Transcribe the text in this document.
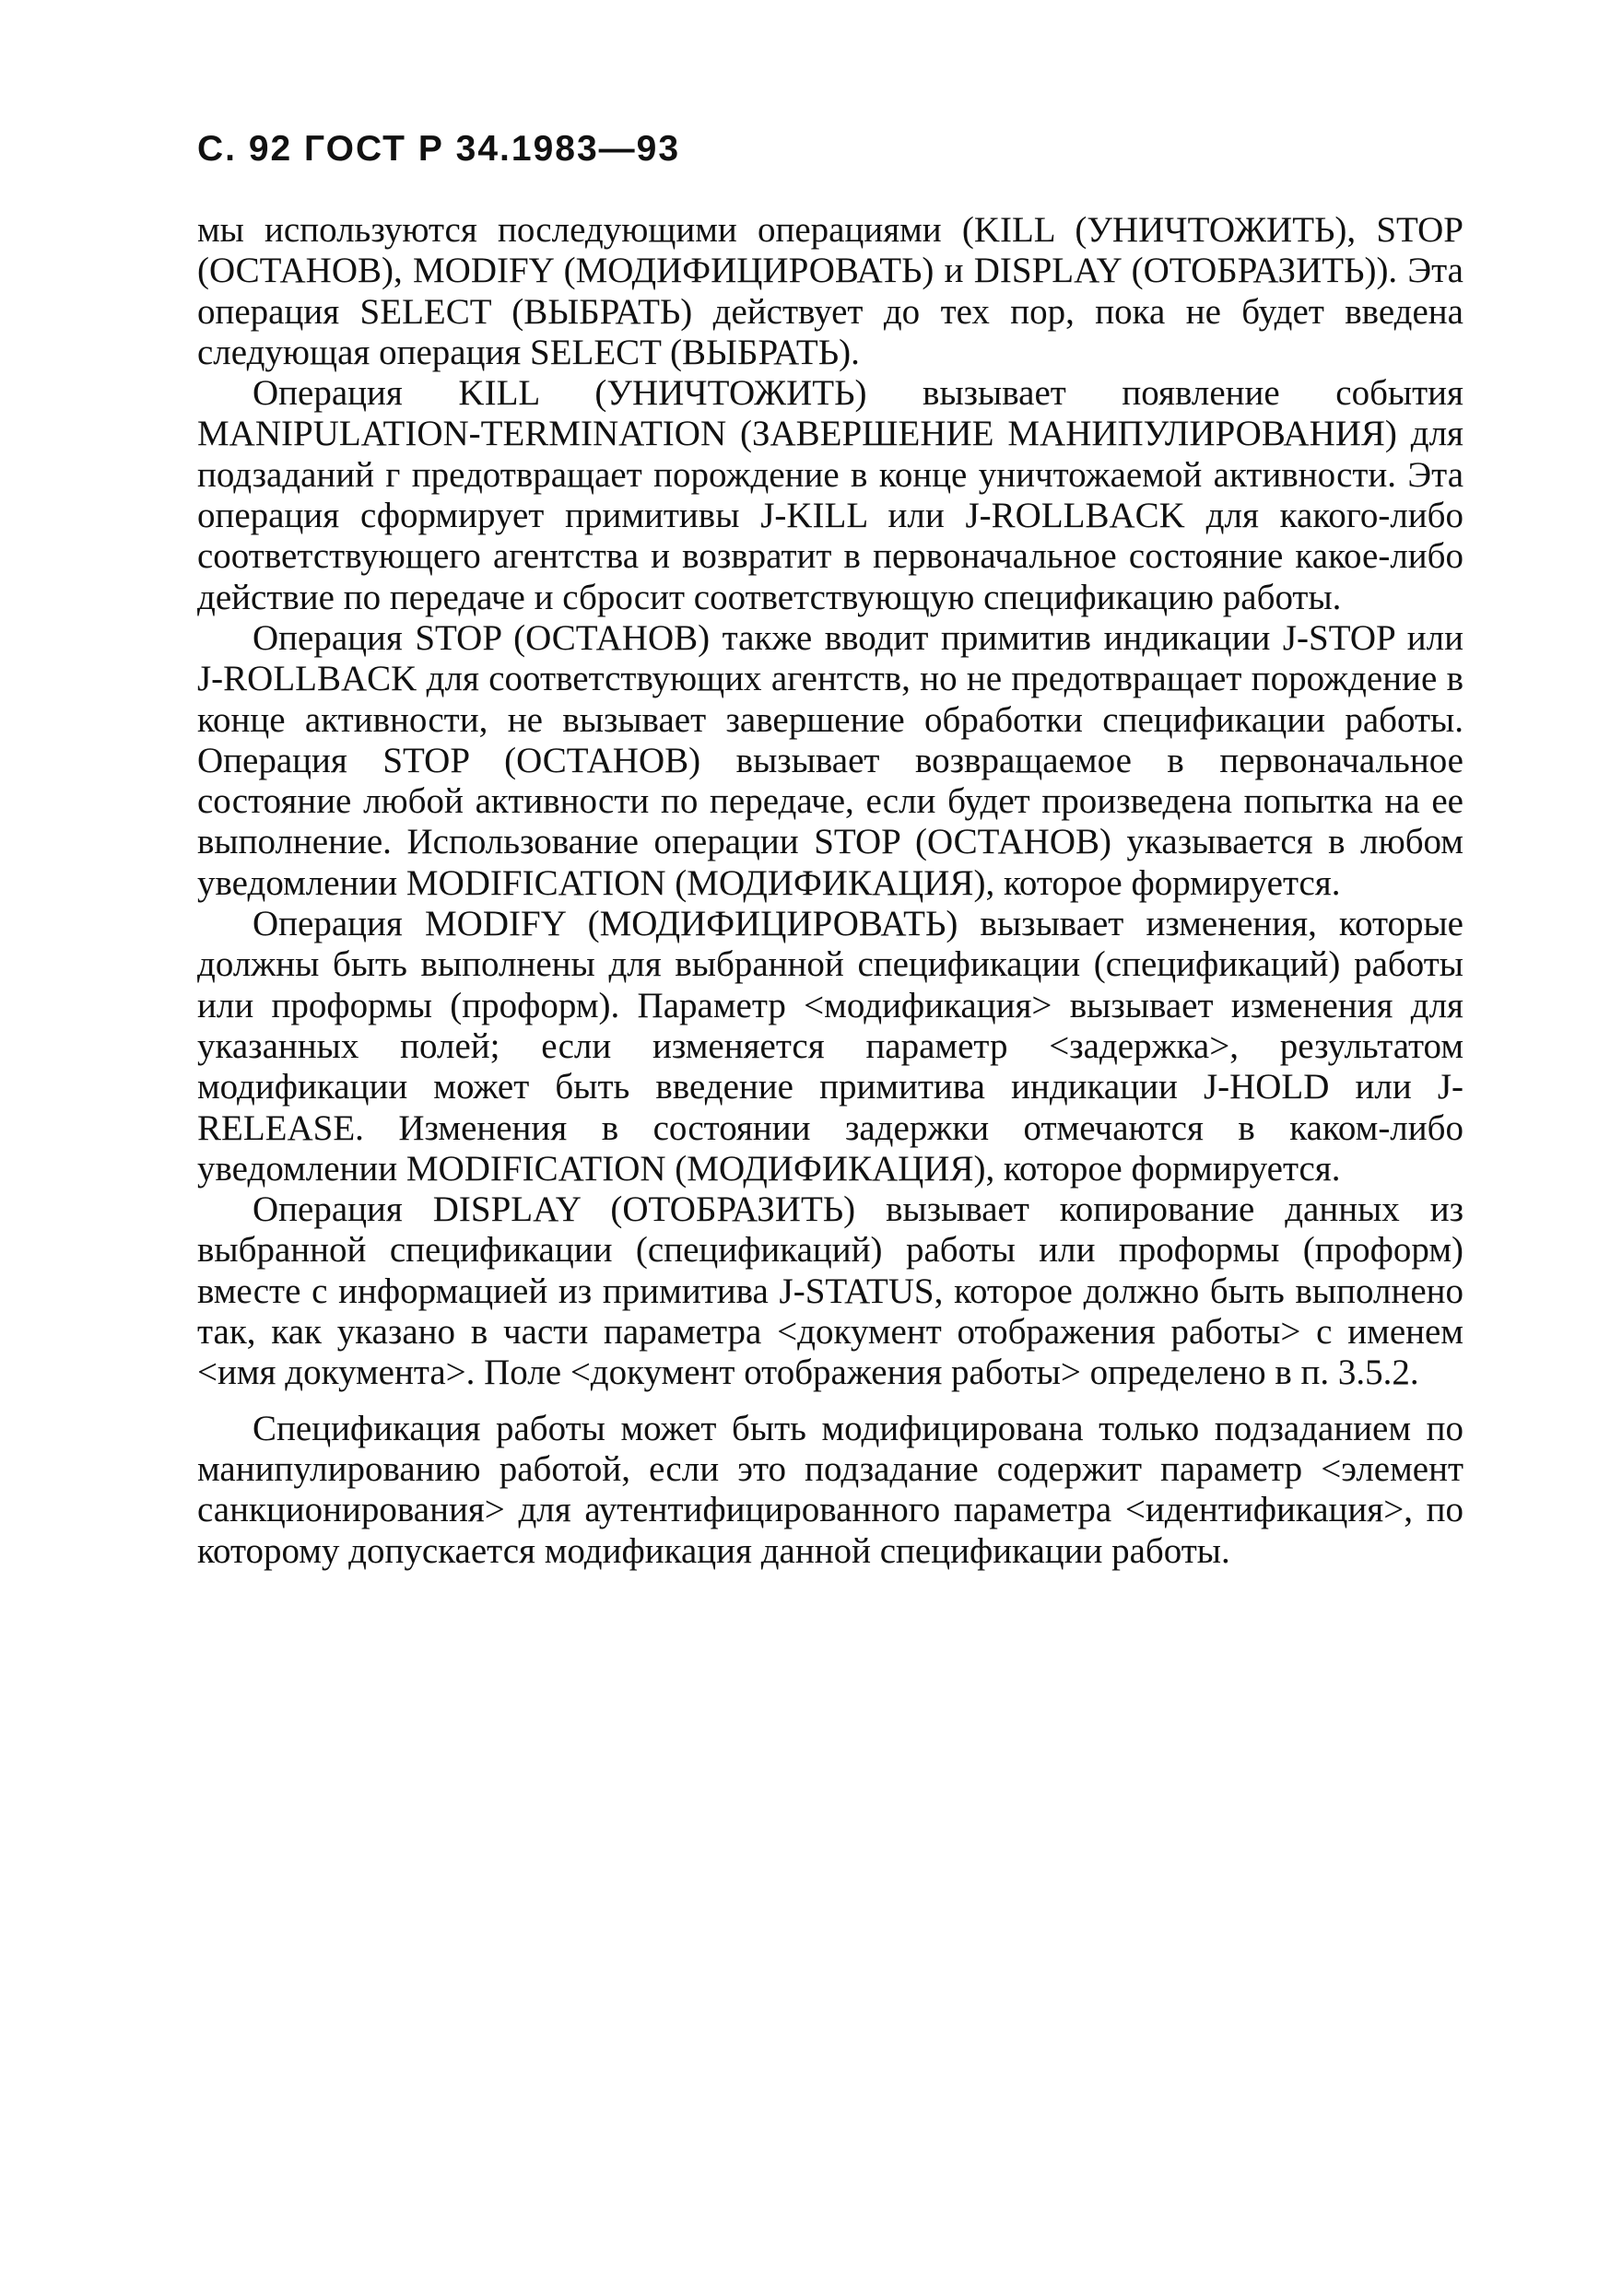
С. 92 ГОСТ Р 34.1983—93

мы используются последующими операциями (KILL (УНИЧТОЖИТЬ), STOP (ОСТАНОВ), MODIFY (МОДИФИЦИРОВАТЬ) и DISPLAY (ОТОБРАЗИТЬ)). Эта операция SELECT (ВЫБРАТЬ) действует до тех пор, пока не будет введена следующая операция SELECT (ВЫБРАТЬ).

Операция KILL (УНИЧТОЖИТЬ) вызывает появление события MANIPULATION-TERMINATION (ЗАВЕРШЕНИЕ МАНИПУЛИРОВАНИЯ) для подзаданий г предотвращает порождение в конце уничтожаемой активности. Эта операция сформирует примитивы J-KILL или J-ROLLBACK для какого-либо соответствующего агентства и возвратит в первоначальное состояние какое-либо действие по передаче и сбросит соответствующую спецификацию работы.

Операция STOP (ОСТАНОВ) также вводит примитив индикации J-STOP или J-ROLLBACK для соответствующих агентств, но не предотвращает порождение в конце активности, не вызывает завершение обработки спецификации работы. Операция STOP (ОСТАНОВ) вызывает возвращаемое в первоначальное состояние любой активности по передаче, если будет произведена попытка на ее выполнение. Использование операции STOP (ОСТАНОВ) указывается в любом уведомлении MODIFICATION (МОДИФИКАЦИЯ), которое формируется.

Операция MODIFY (МОДИФИЦИРОВАТЬ) вызывает изменения, которые должны быть выполнены для выбранной спецификации (спецификаций) работы или проформы (проформ). Параметр <модификация> вызывает изменения для указанных полей; если изменяется параметр <задержка>, результатом модификации может быть введение примитива индикации J-HOLD или J-RELEASE. Изменения в состоянии задержки отмечаются в каком-либо уведомлении MODIFICATION (МОДИФИКАЦИЯ), которое формируется.

Операция DISPLAY (ОТОБРАЗИТЬ) вызывает копирование данных из выбранной спецификации (спецификаций) работы или проформы (проформ) вместе с информацией из примитива J-STATUS, которое должно быть выполнено так, как указано в части параметра <документ отображения работы> с именем <имя документа>. Поле <документ отображения работы> определено в п. 3.5.2.

Спецификация работы может быть модифицирована только подзаданием по манипулированию работой, если это подзадание содержит параметр <элемент санкционирования> для аутентифицированного параметра <идентификация>, по которому допускается модификация данной спецификации работы.
